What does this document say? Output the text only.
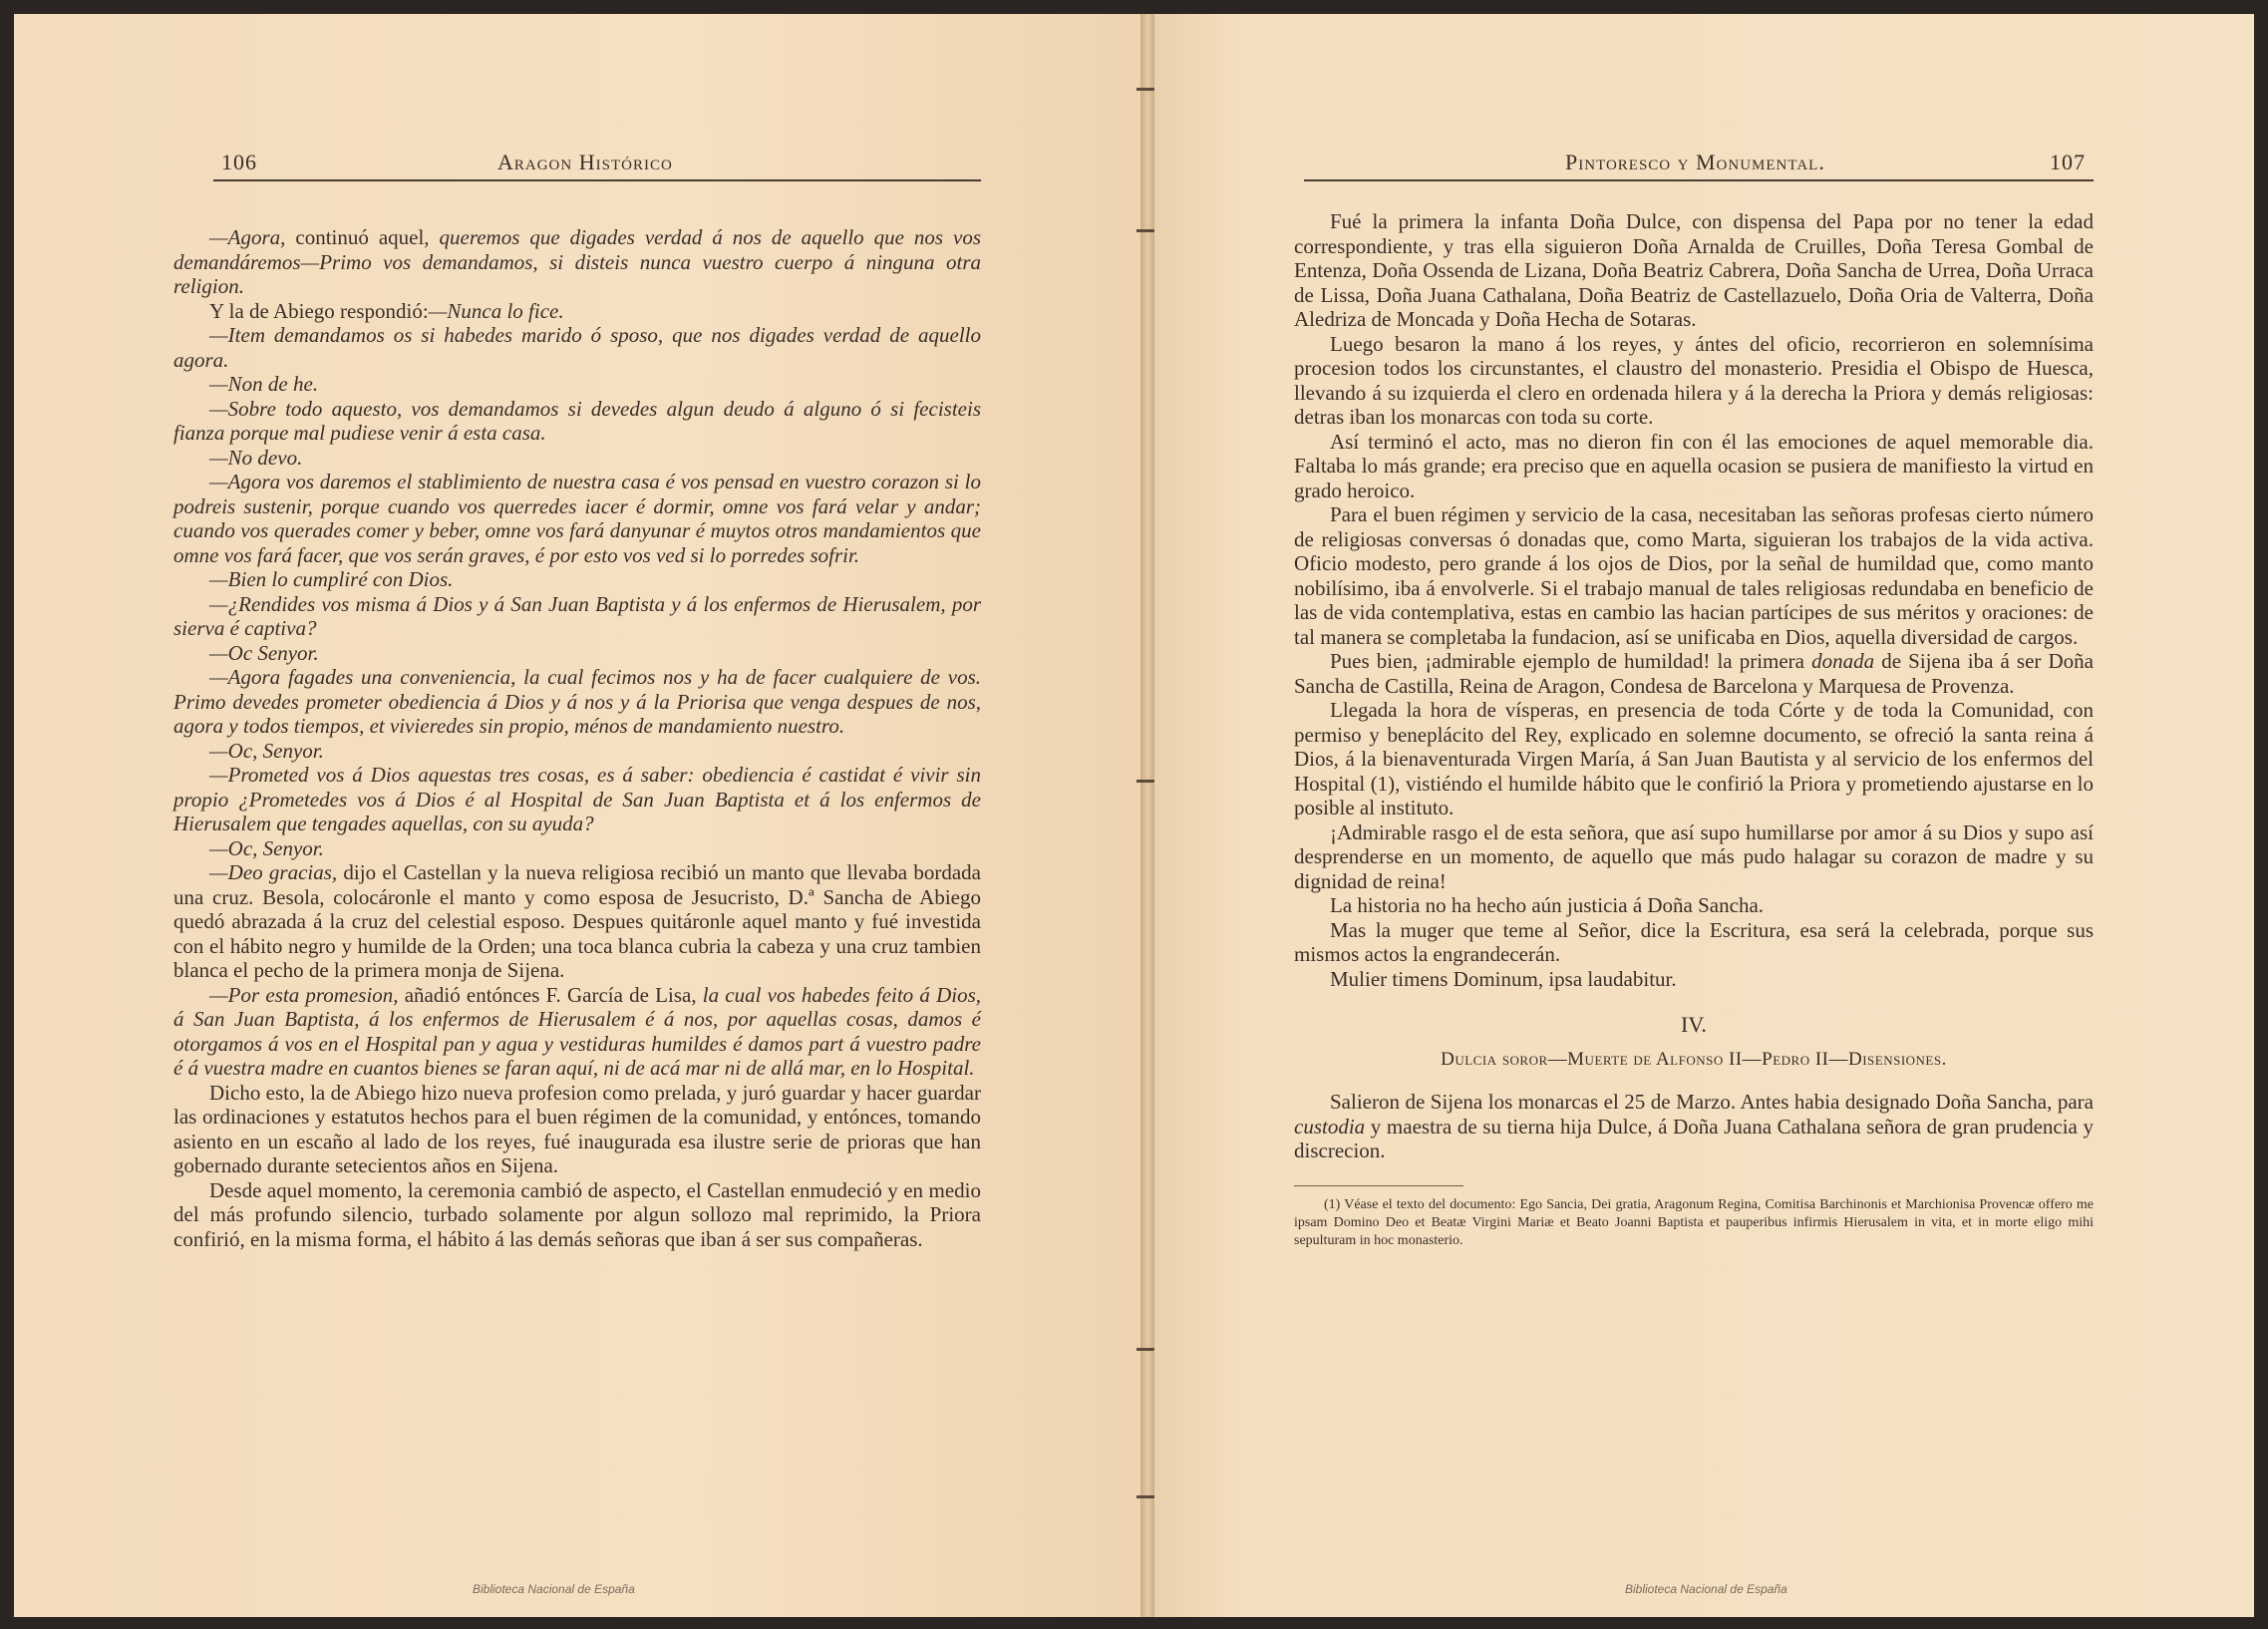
106	Aragon Histórico

—Agora, continuó aquel, queremos que digades verdad á nos de aquello que nos vos demandáremos—Primo vos demandamos, si disteis nunca vuestro cuerpo á ninguna otra religion.

Y la de Abiego respondió:—Nunca lo fice.

—Item demandamos os si habedes marido ó sposo, que nos digades verdad de aquello agora.

—Non de he.

—Sobre todo aquesto, vos demandamos si devedes algun deudo á alguno ó si fecisteis fianza porque mal pudiese venir á esta casa.

—No devo.

—Agora vos daremos el stablimiento de nuestra casa é vos pensad en vuestro corazon si lo podreis sustenir, porque cuando vos querredes iacer é dormir, omne vos fará velar y andar; cuando vos querades comer y beber, omne vos fará danyunar é muytos otros mandamientos que omne vos fará facer, que vos serán graves, é por esto vos ved si lo porredes sofrir.

—Bien lo cumpliré con Dios.

—¿Rendides vos misma á Dios y á San Juan Baptista y á los enfermos de Hierusalem, por sierva é captiva?

—Oc Senyor.

—Agora fagades una conveniencia, la cual fecimos nos y ha de facer cualquiere de vos. Primo devedes prometer obediencia á Dios y á nos y á la Priorisa que venga despues de nos, agora y todos tiempos, et vivieredes sin propio, ménos de mandamiento nuestro.

—Oc, Senyor.

—Prometed vos á Dios aquestas tres cosas, es á saber: obediencia é castidat é vivir sin propio ¿Prometedes vos á Dios é al Hospital de San Juan Baptista et á los enfermos de Hierusalem que tengades aquellas, con su ayuda?

—Oc, Senyor.

—Deo gracias, dijo el Castellan y la nueva religiosa recibió un manto que llevaba bordada una cruz. Besola, colocáronle el manto y como esposa de Jesucristo, D.ª Sancha de Abiego quedó abrazada á la cruz del celestial esposo. Despues quitáronle aquel manto y fué investida con el hábito negro y humilde de la Orden; una toca blanca cubria la cabeza y una cruz tambien blanca el pecho de la primera monja de Sijena.

—Por esta promesion, añadió entónces F. García de Lisa, la cual vos habedes feito á Dios, á San Juan Baptista, á los enfermos de Hierusalem é á nos, por aquellas cosas, damos é otorgamos á vos en el Hospital pan y agua y vestiduras humildes é damos part á vuestro padre é á vuestra madre en cuantos bienes se faran aquí, ni de acá mar ni de allá mar, en lo Hospital.

Dicho esto, la de Abiego hizo nueva profesion como prelada, y juró guardar y hacer guardar las ordinaciones y estatutos hechos para el buen régimen de la comunidad, y entónces, tomando asiento en un escaño al lado de los reyes, fué inaugurada esa ilustre serie de prioras que han gobernado durante setecientos años en Sijena.

Desde aquel momento, la ceremonia cambió de aspecto, el Castellan enmudeció y en medio del más profundo silencio, turbado solamente por algun sollozo mal reprimido, la Priora confirió, en la misma forma, el hábito á las demás señoras que iban á ser sus compañeras.

Biblioteca Nacional de España
Pintoresco y Monumental.	107

Fué la primera la infanta Doña Dulce, con dispensa del Papa por no tener la edad correspondiente, y tras ella siguieron Doña Arnalda de Cruilles, Doña Teresa Gombal de Entenza, Doña Ossenda de Lizana, Doña Beatriz Cabrera, Doña Sancha de Urrea, Doña Urraca de Lissa, Doña Juana Cathalana, Doña Beatriz de Castellazuelo, Doña Oria de Valterra, Doña Aledriza de Moncada y Doña Hecha de Sotaras.

Luego besaron la mano á los reyes, y ántes del oficio, recorrieron en solemnísima procesion todos los circunstantes, el claustro del monasterio. Presidia el Obispo de Huesca, llevando á su izquierda el clero en ordenada hilera y á la derecha la Priora y demás religiosas: detras iban los monarcas con toda su corte.

Así terminó el acto, mas no dieron fin con él las emociones de aquel memorable dia. Faltaba lo más grande; era preciso que en aquella ocasion se pusiera de manifiesto la virtud en grado heroico.

Para el buen régimen y servicio de la casa, necesitaban las señoras profesas cierto número de religiosas conversas ó donadas que, como Marta, siguieran los trabajos de la vida activa. Oficio modesto, pero grande á los ojos de Dios, por la señal de humildad que, como manto nobilísimo, iba á envolverle. Si el trabajo manual de tales religiosas redundaba en beneficio de las de vida contemplativa, estas en cambio las hacian partícipes de sus méritos y oraciones: de tal manera se completaba la fundacion, así se unificaba en Dios, aquella diversidad de cargos.

Pues bien, ¡admirable ejemplo de humildad! la primera donada de Sijena iba á ser Doña Sancha de Castilla, Reina de Aragon, Condesa de Barcelona y Marquesa de Provenza.

Llegada la hora de vísperas, en presencia de toda Córte y de toda la Comunidad, con permiso y beneplácito del Rey, explicado en solemne documento, se ofreció la santa reina á Dios, á la bienaventurada Virgen María, á San Juan Bautista y al servicio de los enfermos del Hospital (1), vistiéndo el humilde hábito que le confirió la Priora y prometiendo ajustarse en lo posible al instituto.

¡Admirable rasgo el de esta señora, que así supo humillarse por amor á su Dios y supo así desprenderse en un momento, de aquello que más pudo halagar su corazon de madre y su dignidad de reina!

La historia no ha hecho aún justicia á Doña Sancha.

Mas la muger que teme al Señor, dice la Escritura, esa será la celebrada, porque sus mismos actos la engrandecerán.

Mulier timens Dominum, ipsa laudabitur.

IV.

Dulcia soror—Muerte de Alfonso II—Pedro II—Disensiones.

Salieron de Sijena los monarcas el 25 de Marzo. Antes habia designado Doña Sancha, para custodia y maestra de su tierna hija Dulce, á Doña Juana Cathalana señora de gran prudencia y discrecion.

(1) Véase el texto del documento: Ego Sancia, Dei gratia, Aragonum Regina, Comitisa Barchinonis et Marchionisa Provencæ offero me ipsam Domino Deo et Beatæ Virgini Mariæ et Beato Joanni Baptista et pauperibus infirmis Hierusalem in vita, et in morte eligo mihi sepulturam in hoc monasterio.

Biblioteca Nacional de España
